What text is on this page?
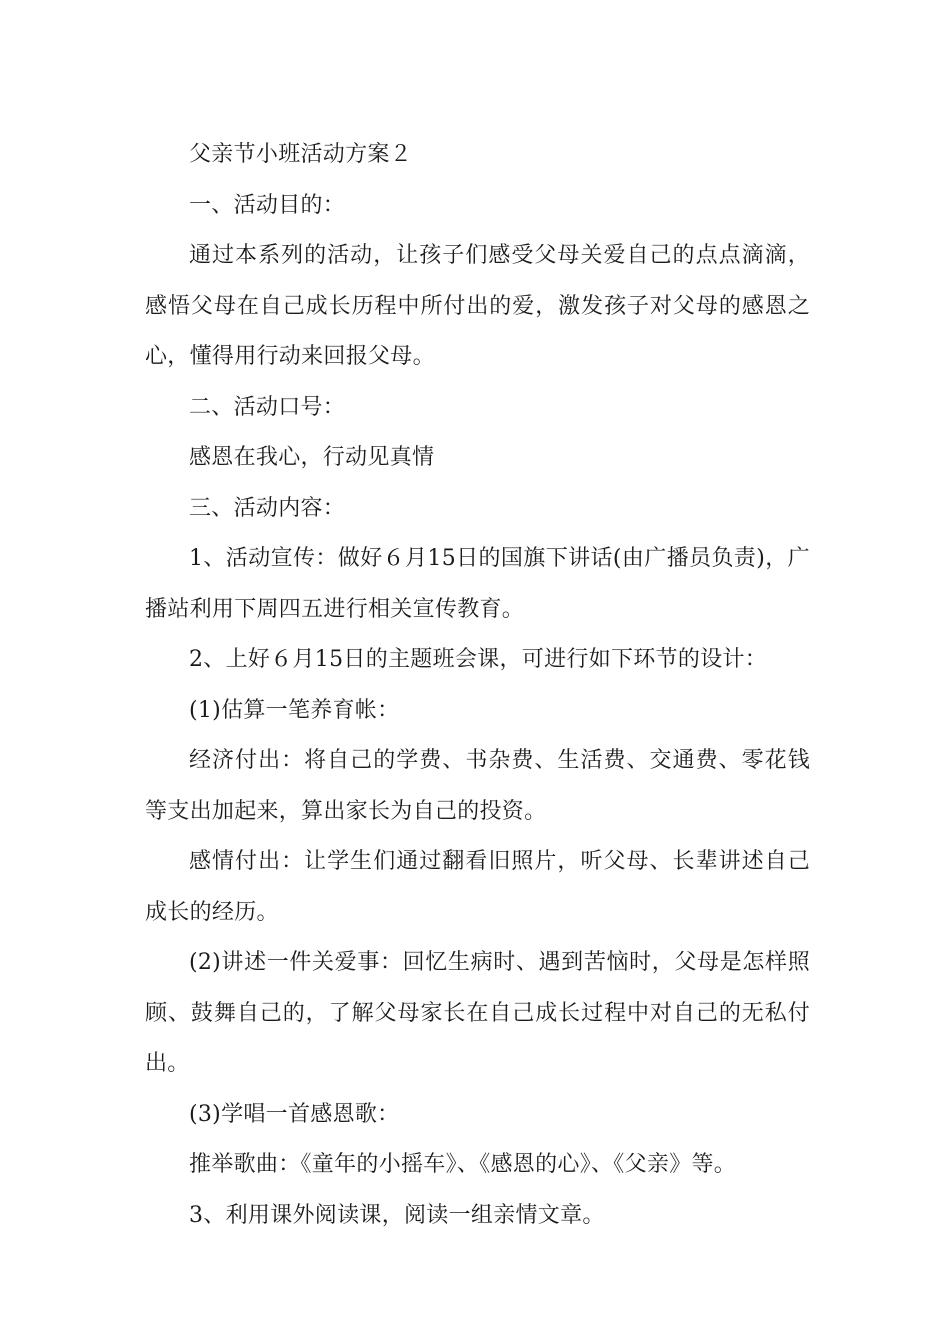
父亲节小班活动方案２

一、活动目的：

通过本系列的活动，让孩子们感受父母关爱自己的点点滴滴，感悟父母在自己成长历程中所付出的爱，激发孩子对父母的感恩之心，懂得用行动来回报父母。

二、活动口号：

感恩在我心，行动见真情

三、活动内容：

1、活动宣传：做好６月15日的国旗下讲话(由广播员负责)，广播站利用下周四五进行相关宣传教育。

2、上好６月15日的主题班会课，可进行如下环节的设计：

(1)估算一笔养育帐：

经济付出：将自己的学费、书杂费、生活费、交通费、零花钱等支出加起来，算出家长为自己的投资。

感情付出：让学生们通过翻看旧照片，听父母、长辈讲述自己成长的经历。

(2)讲述一件关爱事：回忆生病时、遇到苦恼时，父母是怎样照顾、鼓舞自己的，了解父母家长在自己成长过程中对自己的无私付出。

(3)学唱一首感恩歌：

推举歌曲：《童年的小摇车》、《感恩的心》、《父亲》等。

3、利用课外阅读课，阅读一组亲情文章。
